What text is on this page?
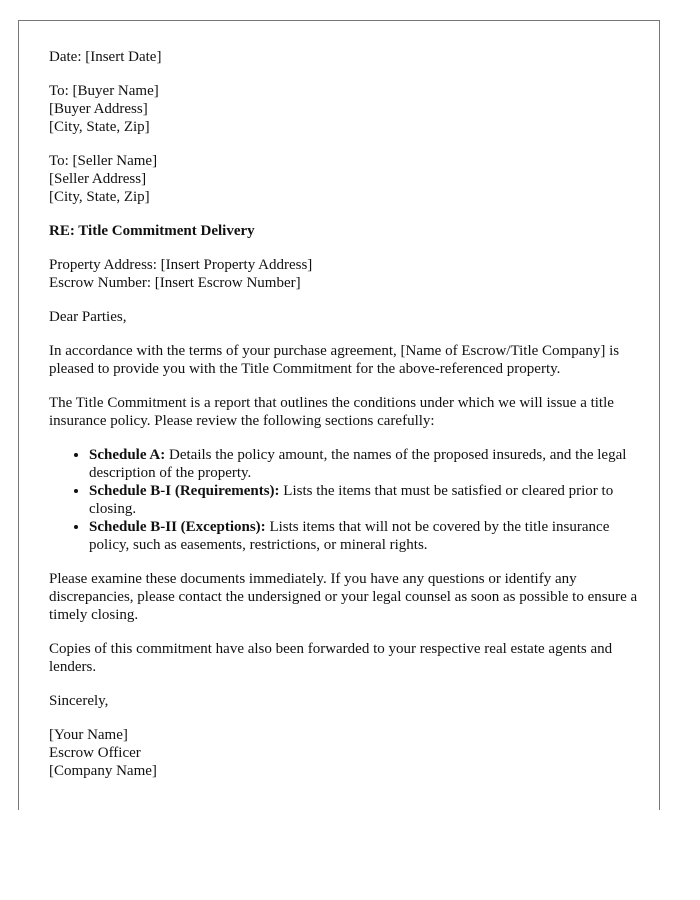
Date: [Insert Date]
To: [Buyer Name]
[Buyer Address]
[City, State, Zip]
To: [Seller Name]
[Seller Address]
[City, State, Zip]
RE: Title Commitment Delivery
Property Address: [Insert Property Address]
Escrow Number: [Insert Escrow Number]

Dear Parties,

In accordance with the terms of your purchase agreement, [Name of Escrow/Title Company] is pleased to provide you with the Title Commitment for the above-referenced property.

The Title Commitment is a report that outlines the conditions under which we will issue a title insurance policy. Please review the following sections carefully:

• Schedule A: Details the policy amount, the names of the proposed insureds, and the legal description of the property.
• Schedule B-I (Requirements): Lists the items that must be satisfied or cleared prior to closing.
• Schedule B-II (Exceptions): Lists items that will not be covered by the title insurance policy, such as easements, restrictions, or mineral rights.

Please examine these documents immediately. If you have any questions or identify any discrepancies, please contact the undersigned or your legal counsel as soon as possible to ensure a timely closing.

Copies of this commitment have also been forwarded to your respective real estate agents and lenders.

Sincerely,

[Your Name]
Escrow Officer
[Company Name]
